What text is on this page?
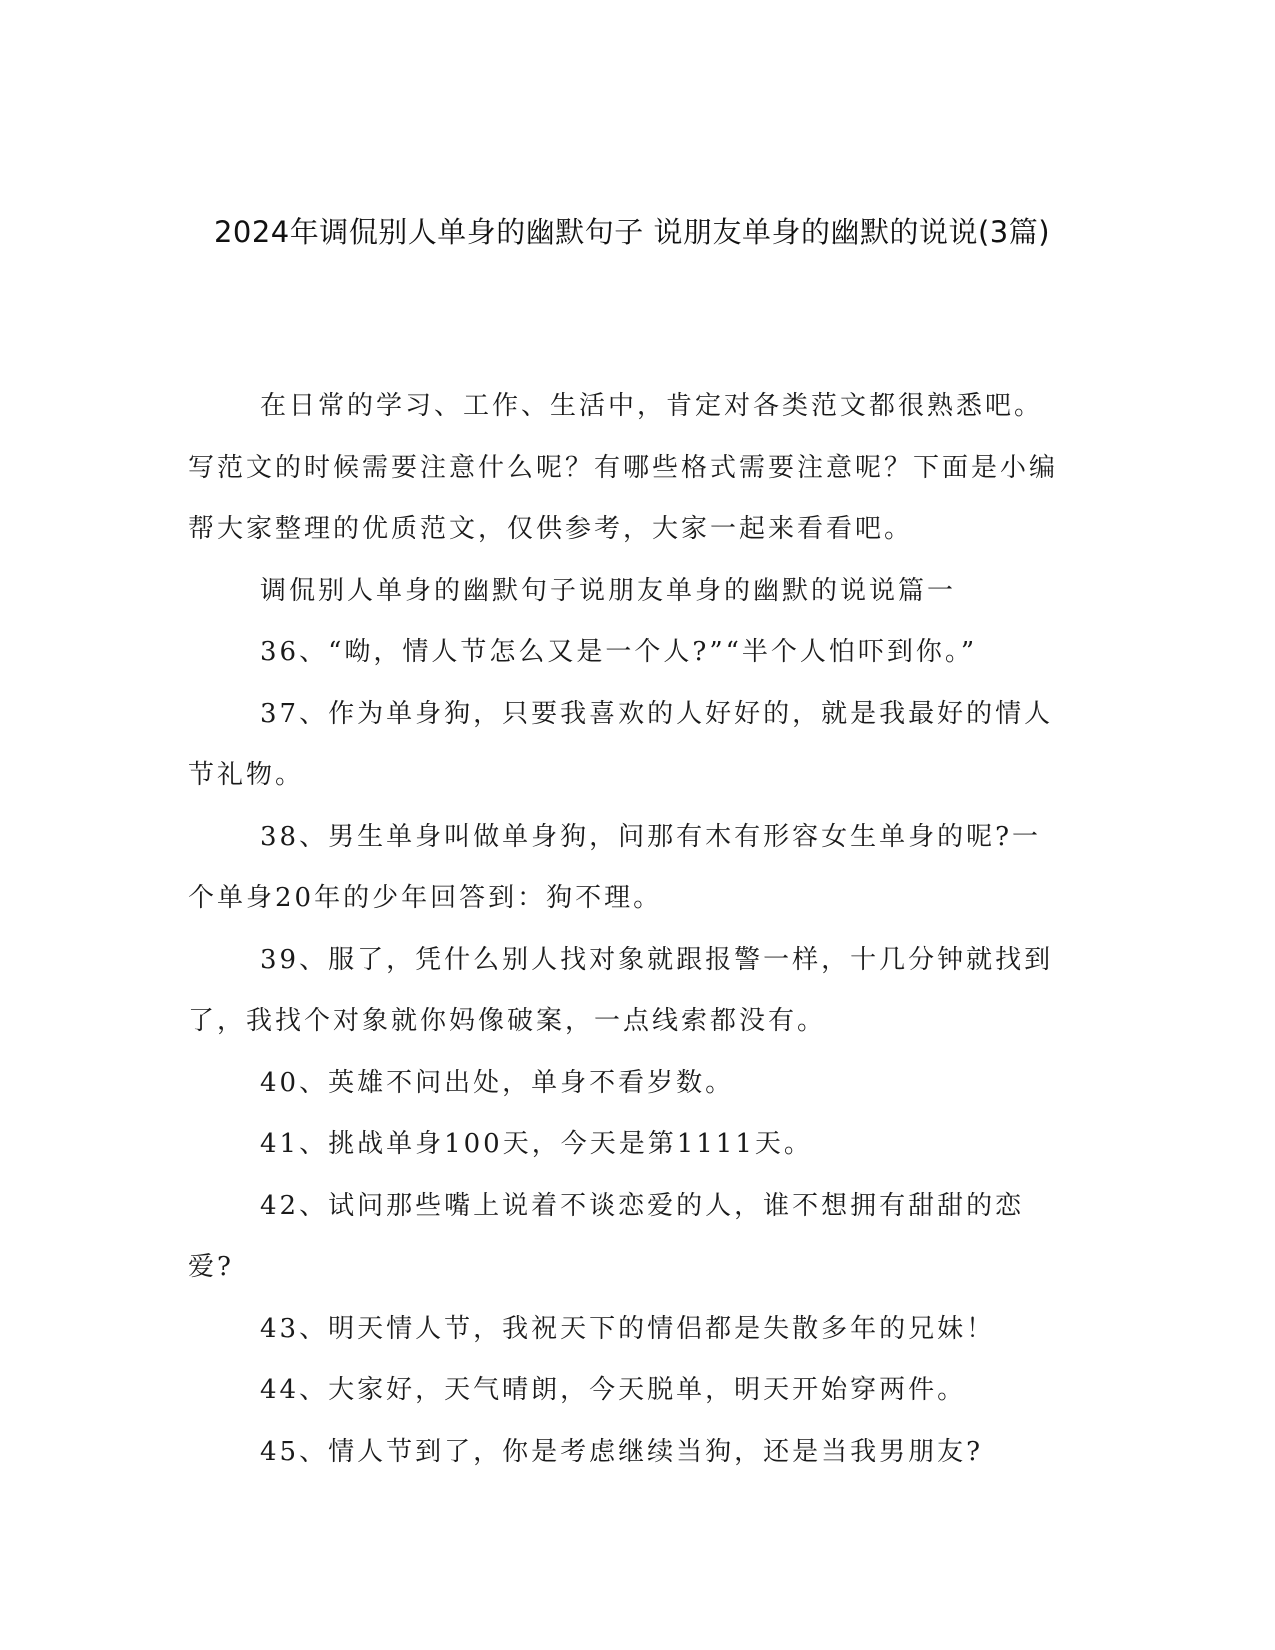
2024年调侃别人单身的幽默句子 说朋友单身的幽默的说说(3篇)

在日常的学习、工作、生活中，肯定对各类范文都很熟悉吧。写范文的时候需要注意什么呢？有哪些格式需要注意呢？下面是小编帮大家整理的优质范文，仅供参考，大家一起来看看吧。

调侃别人单身的幽默句子说朋友单身的幽默的说说篇一

36、“呦，情人节怎么又是一个人?”“半个人怕吓到你。”

37、作为单身狗，只要我喜欢的人好好的，就是我最好的情人节礼物。

38、男生单身叫做单身狗，问那有木有形容女生单身的呢?一个单身20年的少年回答到：狗不理。

39、服了，凭什么别人找对象就跟报警一样，十几分钟就找到了，我找个对象就你妈像破案，一点线索都没有。

40、英雄不问出处，单身不看岁数。

41、挑战单身100天，今天是第1111天。

42、试问那些嘴上说着不谈恋爱的人，谁不想拥有甜甜的恋爱?

43、明天情人节，我祝天下的情侣都是失散多年的兄妹！

44、大家好，天气晴朗，今天脱单，明天开始穿两件。

45、情人节到了，你是考虑继续当狗，还是当我男朋友?
